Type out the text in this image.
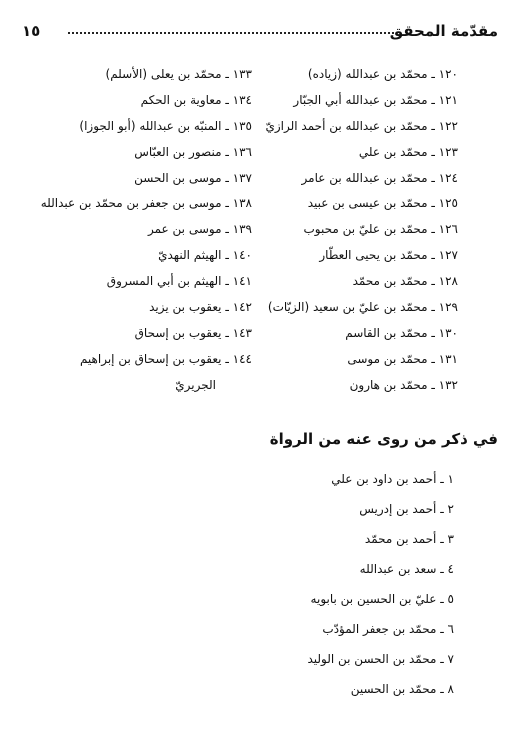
مقدّمة المحقق
١٥
١٢٠ ـ محمّد بن عبدالله (زياده)
١٢١ ـ محمّد بن عبدالله أبي الجبّار
١٢٢ ـ محمّد بن عبدالله بن أحمد الرازيّ
١٢٣ ـ محمّد بن علي
١٢٤ ـ محمّد بن عبدالله بن عامر
١٢٥ ـ محمّد بن عيسى بن عبيد
١٢٦ ـ محمّد بن عليّ بن محبوب
١٢٧ ـ محمّد بن يحيى العطّار
١٢٨ ـ محمّد بن محمّد
١٢٩ ـ محمّد بن عليّ بن سعيد (الزيّات)
١٣٠ ـ محمّد بن القاسم
١٣١ ـ محمّد بن موسى
١٣٢ ـ محمّد بن هارون
١٣٣ ـ محمّد بن يعلى (الأسلم)
١٣٤ ـ معاوية بن الحكم
١٣٥ ـ المنبّه بن عبدالله (أبو الجوزا)
١٣٦ ـ منصور بن العبّاس
١٣٧ ـ موسى بن الحسن
١٣٨ ـ موسى بن جعفر بن محمّد بن عبدالله
١٣٩ ـ موسى بن عمر
١٤٠ ـ الهيثم النهديّ
١٤١ ـ الهيثم بن أبي المسروق
١٤٢ ـ يعقوب بن يزيد
١٤٣ ـ يعقوب بن إسحاق
١٤٤ ـ يعقوب بن إسحاق بن إبراهيم
الجريريّ
في ذكر من روى عنه من الرواة
١ ـ أحمد بن داود بن علي
٢ ـ أحمد بن إدريس
٣ ـ أحمد بن محمّد
٤ ـ سعد بن عبدالله
٥ ـ عليّ بن الحسين بن بابويه
٦ ـ محمّد بن جعفر المؤدّب
٧ ـ محمّد بن الحسن بن الوليد
٨ ـ محمّد بن الحسين
